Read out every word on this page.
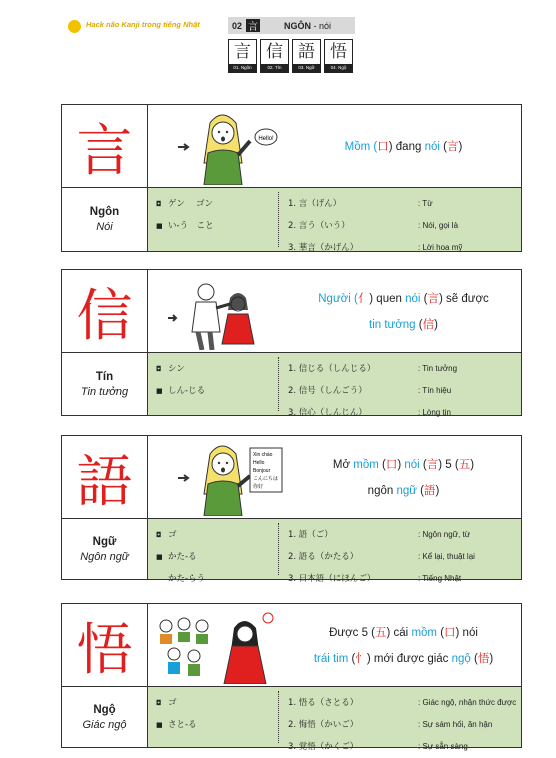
Hack não Kanji trong tiếng Nhật	02 言	NGÔN - nói
言
01. Ngôn
信
02. Tín
語
03. Ngữ
悟
04. Ngộ
言	Hello!
Mồm (口) đang nói (言)
Ngôn
Nói
◘ ゲン　 ゴン
■ い-う　こと
1. 言（げん）	: Từ
2. 言う（いう）	: Nói, gọi là
3. 華言（かげん）	: Lời hoa mỹ
信	Người (亻) quen nói (言) sẽ được
tin tưởng (信)
Tín
Tin tưởng
◘ シン
■ しん-じる
1. 信じる（しんじる）	: Tin tưởng
2. 信号（しんごう）	: Tín hiệu
3. 信心（しんじん）	: Lòng tin
語	Xin chào
Hello
Bonjour
こんにちは
你好
Mở mồm (口) nói (言) 5 (五)
ngôn ngữ (語)
Ngữ
Ngôn ngữ
◘ ゴ
■ かた-る
かた-らう
1. 語（ご）	: Ngôn ngữ, từ
2. 語る（かたる）	: Kể lại, thuật lại
3. 日本語（にほんご）	: Tiếng Nhật
悟	Được 5 (五) cái mồm (口) nói
trái tim (忄) mới được giác ngộ (悟)
Ngộ
Giác ngộ
◘ ゴ
■ さと-る
1. 悟る（さとる）	: Giác ngộ, nhận thức được
2. 悔悟（かいご）	: Sự sám hối, ăn hận
3. 覚悟（かくご）	: Sự sẵn sàng
